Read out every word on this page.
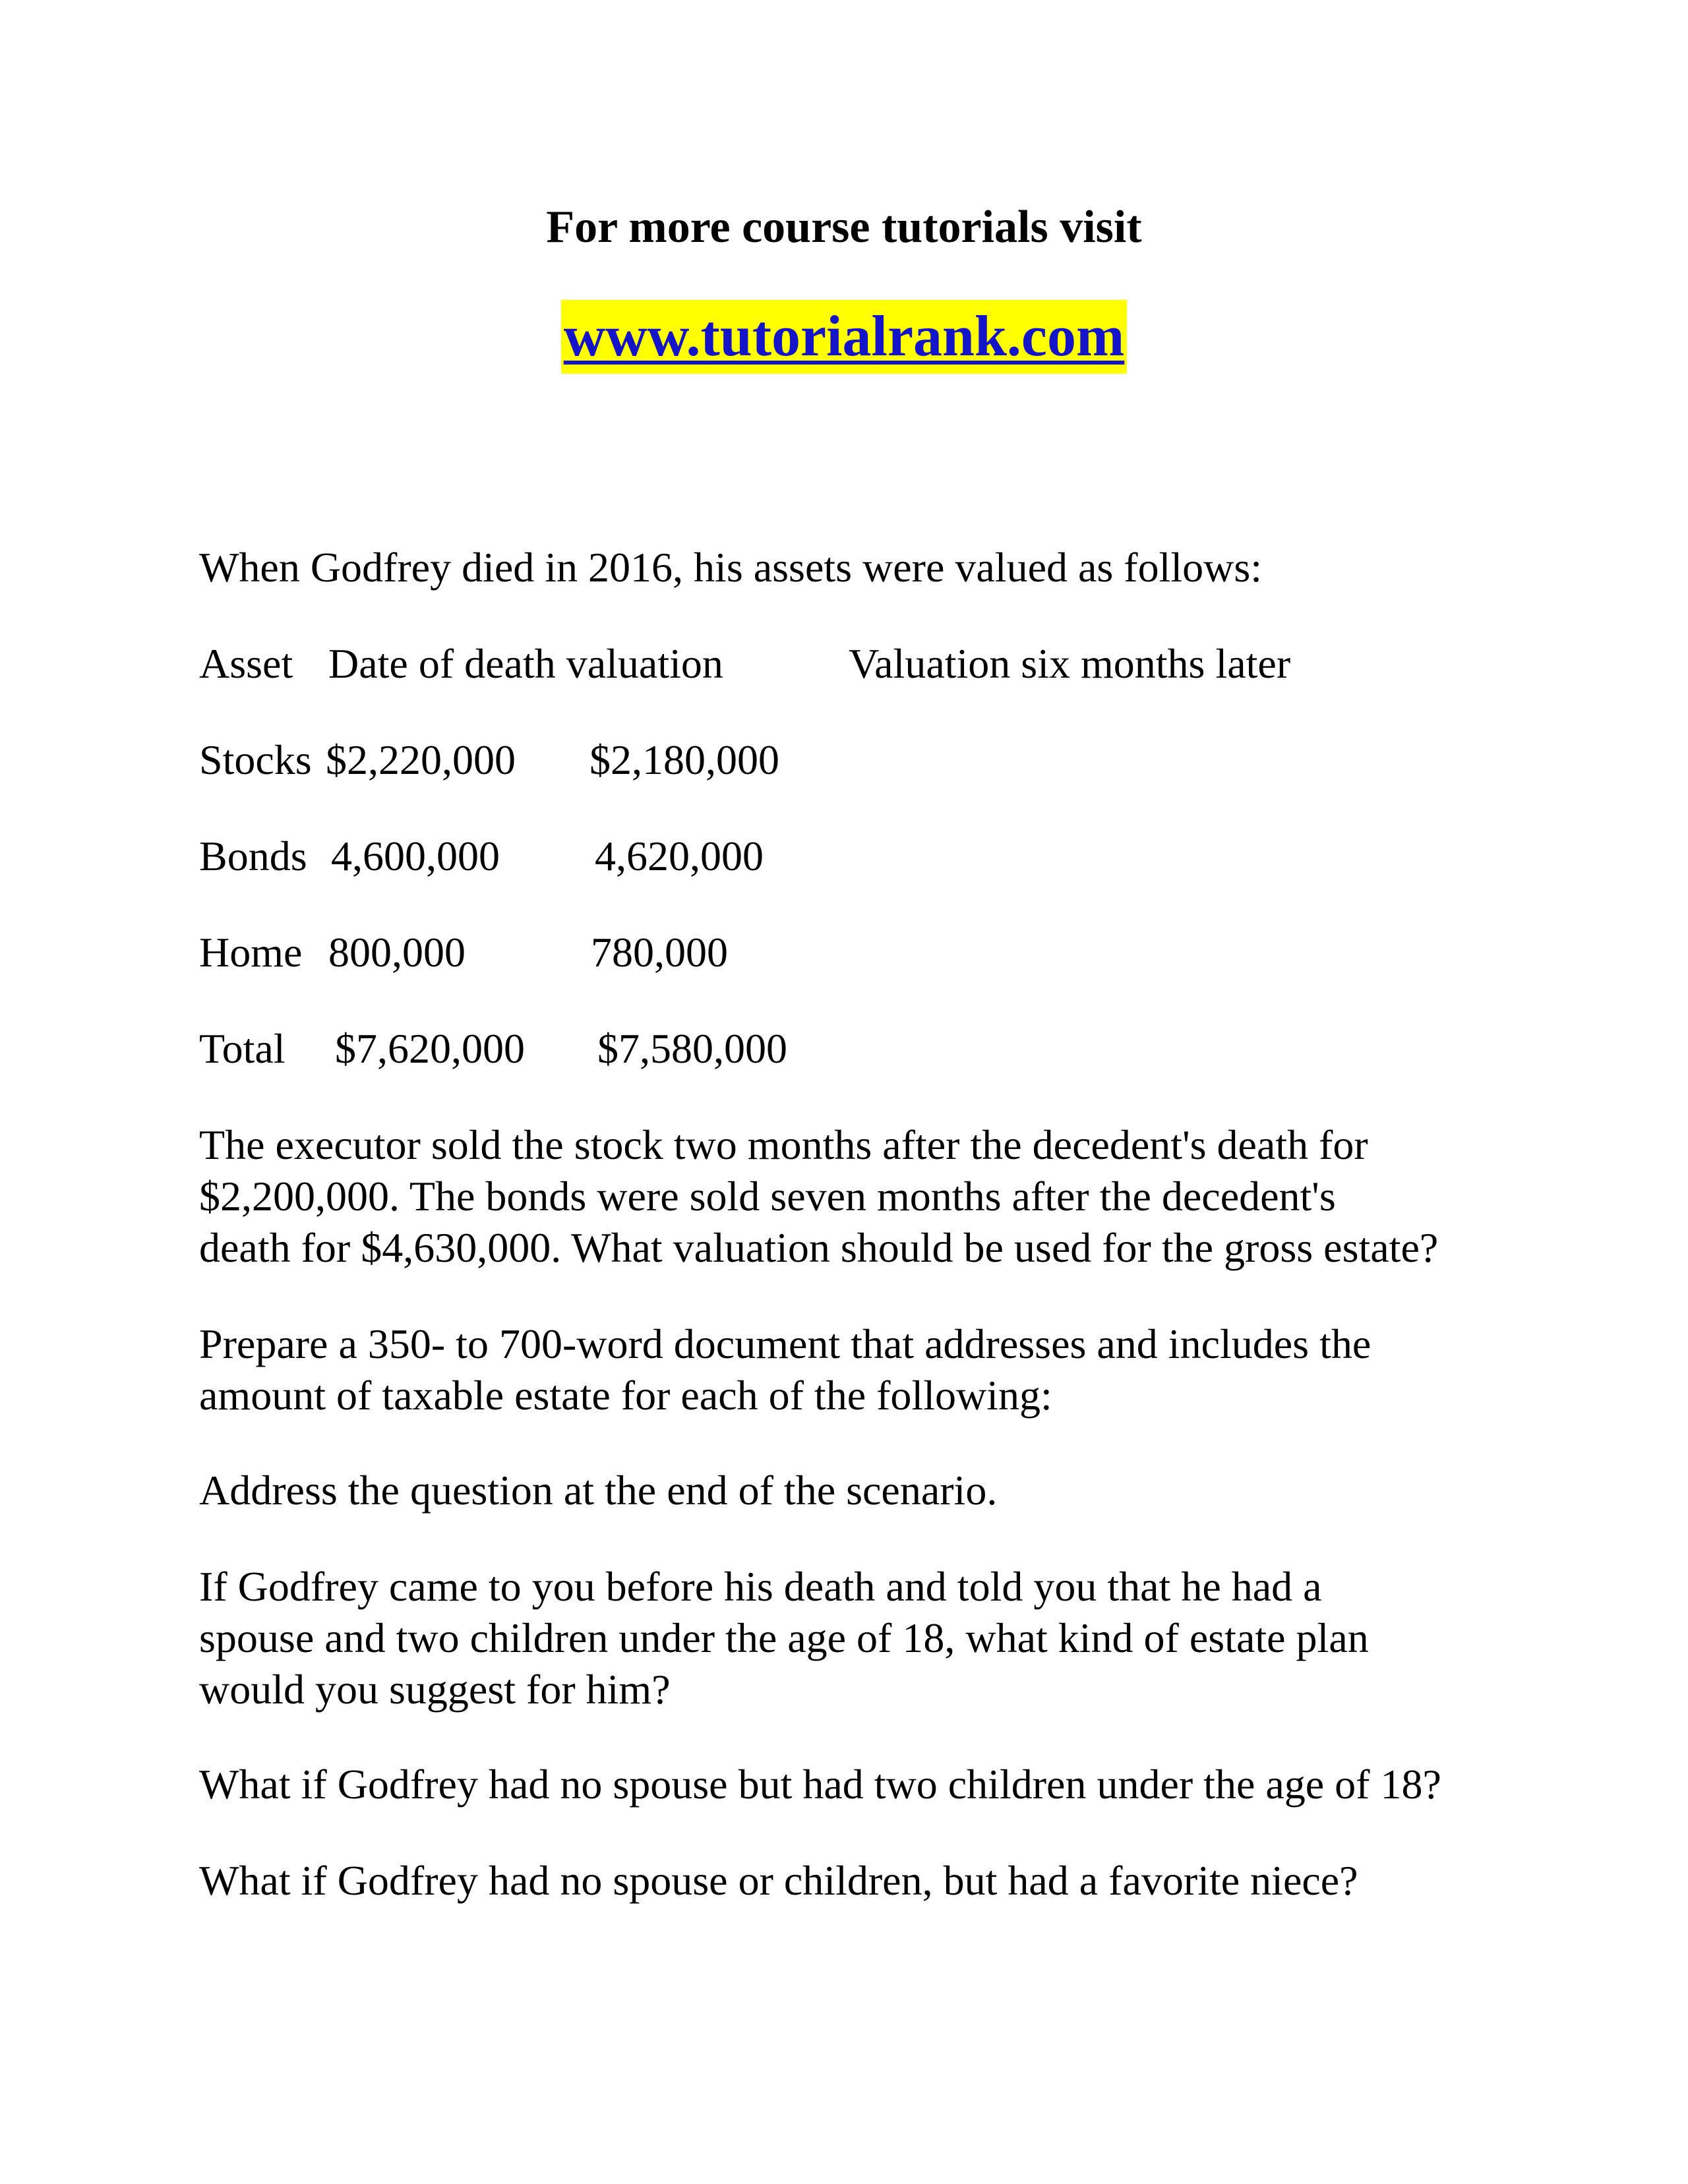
For more course tutorials visit
www.tutorialrank.com
When Godfrey died in 2016, his assets were valued as follows:
Asset Date of death valuation	Valuation six months later
Stocks $2,220,000 $2,180,000
Bonds 4,600,000 4,620,000
Home 800,000	780,000
Total $7,620,000 $7,580,000
The executor sold the stock two months after the decedent's death for
$2,200,000. The bonds were sold seven months after the decedent's
death for $4,630,000. What valuation should be used for the gross estate?
Prepare a 350- to 700-word document that addresses and includes the
amount of taxable estate for each of the following:
Address the question at the end of the scenario.
If Godfrey came to you before his death and told you that he had a
spouse and two children under the age of 18, what kind of estate plan
would you suggest for him?
What if Godfrey had no spouse but had two children under the age of 18?
What if Godfrey had no spouse or children, but had a favorite niece?
